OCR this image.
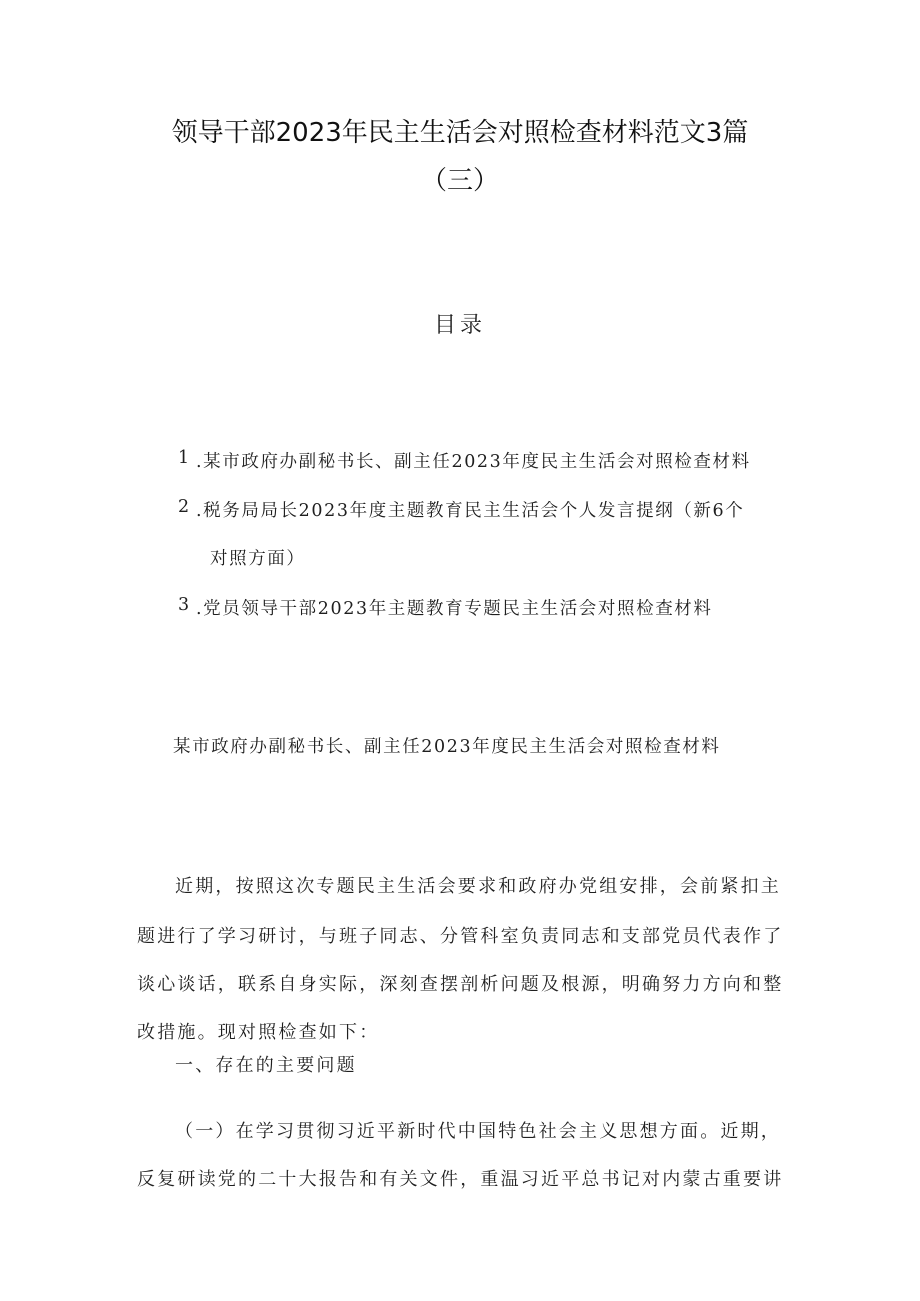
领导干部2023年民主生活会对照检查材料范文3篇
（三）
目录
1 .某市政府办副秘书长、副主任2023年度民主生活会对照检查材料
2 .税务局局长2023年度主题教育民主生活会个人发言提纲（新6个
对照方面）
3 .党员领导干部2023年主题教育专题民主生活会对照检查材料
某市政府办副秘书长、副主任2023年度民主生活会对照检查材料
近期，按照这次专题民主生活会要求和政府办党组安排，会前紧扣主
题进行了学习研讨，与班子同志、分管科室负责同志和支部党员代表作了
谈心谈话，联系自身实际，深刻查摆剖析问题及根源，明确努力方向和整
改措施。现对照检查如下：
一、存在的主要问题
（一）在学习贯彻习近平新时代中国特色社会主义思想方面。近期，
反复研读党的二十大报告和有关文件，重温习近平总书记对内蒙古重要讲
